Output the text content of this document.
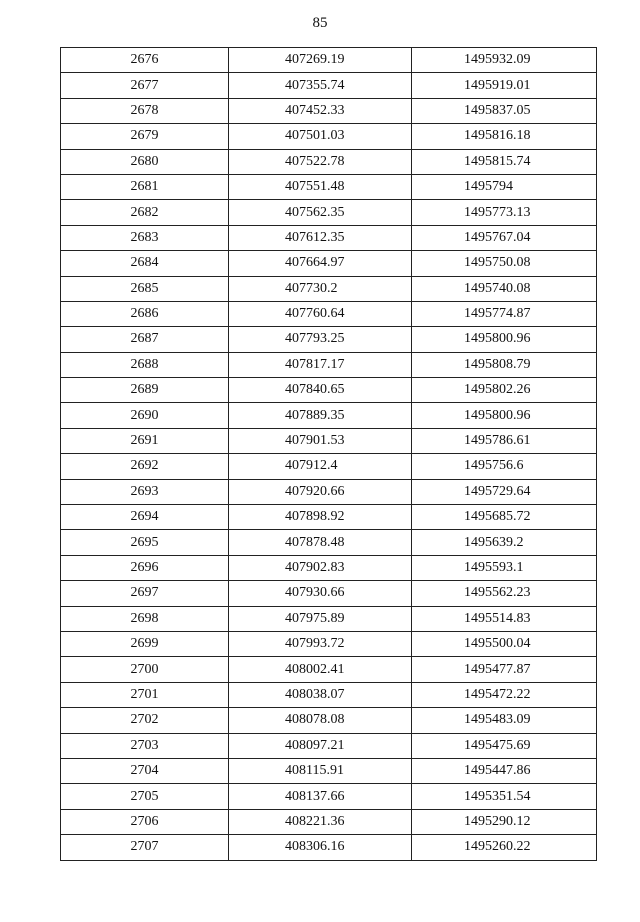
85
2676	407269.19	1495932.09
2677	407355.74	1495919.01
2678	407452.33	1495837.05
2679	407501.03	1495816.18
2680	407522.78	1495815.74
2681	407551.48	1495794
2682	407562.35	1495773.13
2683	407612.35	1495767.04
2684	407664.97	1495750.08
2685	407730.2	1495740.08
2686	407760.64	1495774.87
2687	407793.25	1495800.96
2688	407817.17	1495808.79
2689	407840.65	1495802.26
2690	407889.35	1495800.96
2691	407901.53	1495786.61
2692	407912.4	1495756.6
2693	407920.66	1495729.64
2694	407898.92	1495685.72
2695	407878.48	1495639.2
2696	407902.83	1495593.1
2697	407930.66	1495562.23
2698	407975.89	1495514.83
2699	407993.72	1495500.04
2700	408002.41	1495477.87
2701	408038.07	1495472.22
2702	408078.08	1495483.09
2703	408097.21	1495475.69
2704	408115.91	1495447.86
2705	408137.66	1495351.54
2706	408221.36	1495290.12
2707	408306.16	1495260.22
